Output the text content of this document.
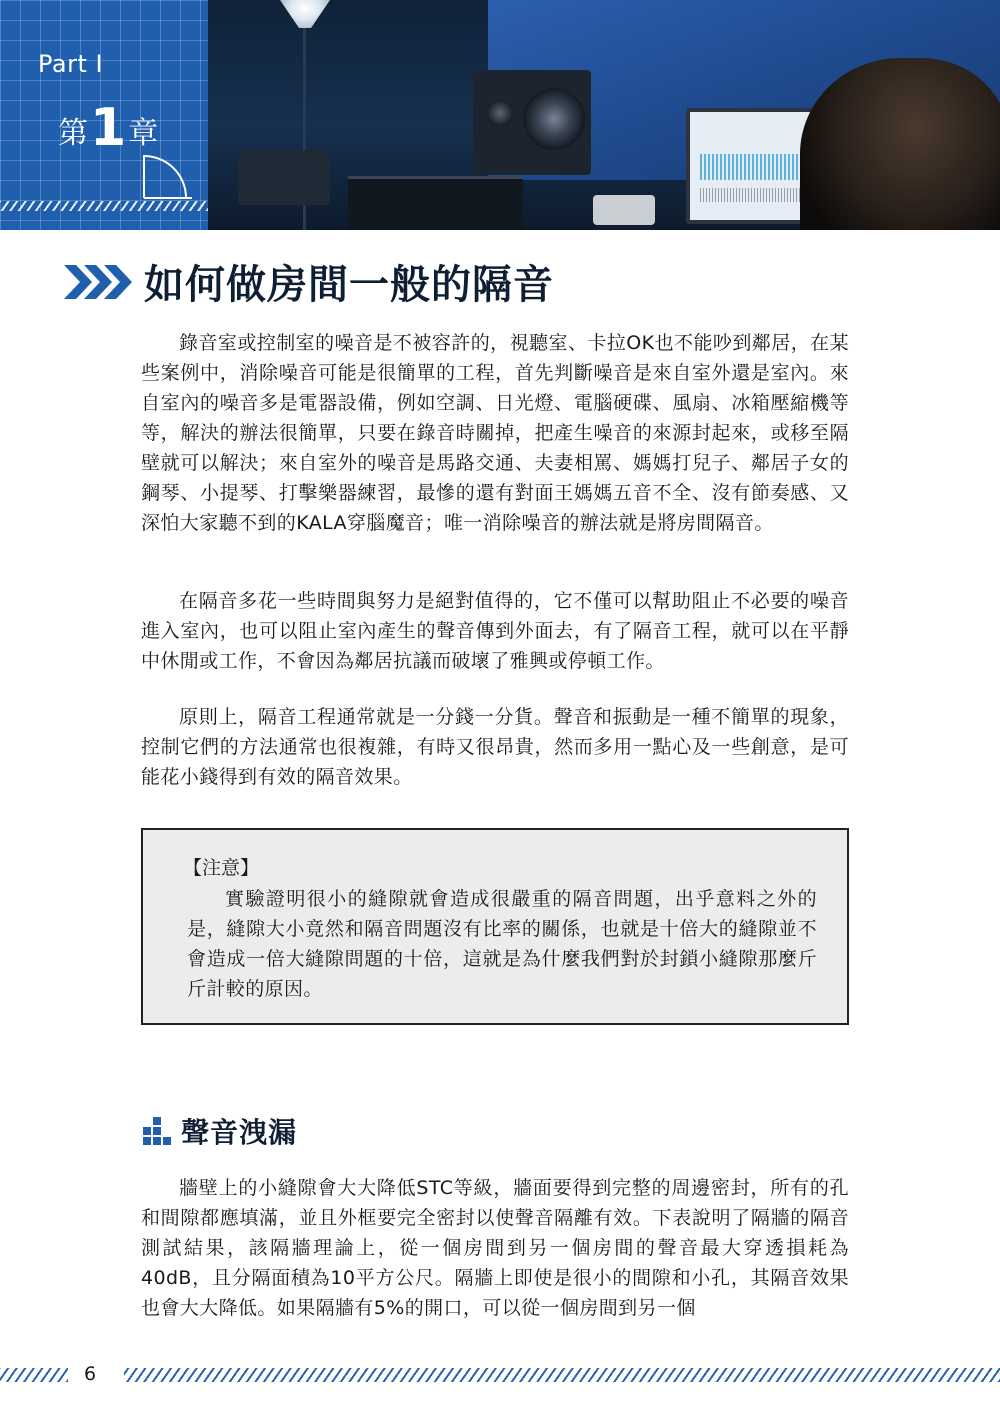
Part I
第 1 章
如何做房間一般的隔音

錄音室或控制室的噪音是不被容許的，視聽室、卡拉OK也不能吵到鄰居，在某些案例中，消除噪音可能是很簡單的工程，首先判斷噪音是來自室外還是室內。來自室內的噪音多是電器設備，例如空調、日光燈、電腦硬碟、風扇、冰箱壓縮機等等，解決的辦法很簡單，只要在錄音時關掉，把產生噪音的來源封起來，或移至隔壁就可以解決；來自室外的噪音是馬路交通、夫妻相罵、媽媽打兒子、鄰居子女的鋼琴、小提琴、打擊樂器練習，最慘的還有對面王媽媽五音不全、沒有節奏感、又深怕大家聽不到的KALA穿腦魔音；唯一消除噪音的辦法就是將房間隔音。

在隔音多花一些時間與努力是絕對值得的，它不僅可以幫助阻止不必要的噪音進入室內，也可以阻止室內產生的聲音傳到外面去，有了隔音工程，就可以在平靜中休閒或工作，不會因為鄰居抗議而破壞了雅興或停頓工作。

原則上，隔音工程通常就是一分錢一分貨。聲音和振動是一種不簡單的現象，控制它們的方法通常也很複雜，有時又很昂貴，然而多用一點心及一些創意，是可能花小錢得到有效的隔音效果。

【注意】

實驗證明很小的縫隙就會造成很嚴重的隔音問題，出乎意料之外的是，縫隙大小竟然和隔音問題沒有比率的關係，也就是十倍大的縫隙並不會造成一倍大縫隙問題的十倍，這就是為什麼我們對於封鎖小縫隙那麼斤斤計較的原因。

聲音洩漏

牆壁上的小縫隙會大大降低STC等級，牆面要得到完整的周邊密封，所有的孔和間隙都應填滿，並且外框要完全密封以使聲音隔離有效。下表說明了隔牆的隔音測試結果，該隔牆理論上，從一個房間到另一個房間的聲音最大穿透損耗為40dB，且分隔面積為10平方公尺。隔牆上即使是很小的間隙和小孔，其隔音效果也會大大降低。如果隔牆有5%的開口，可以從一個房間到另一個

6
